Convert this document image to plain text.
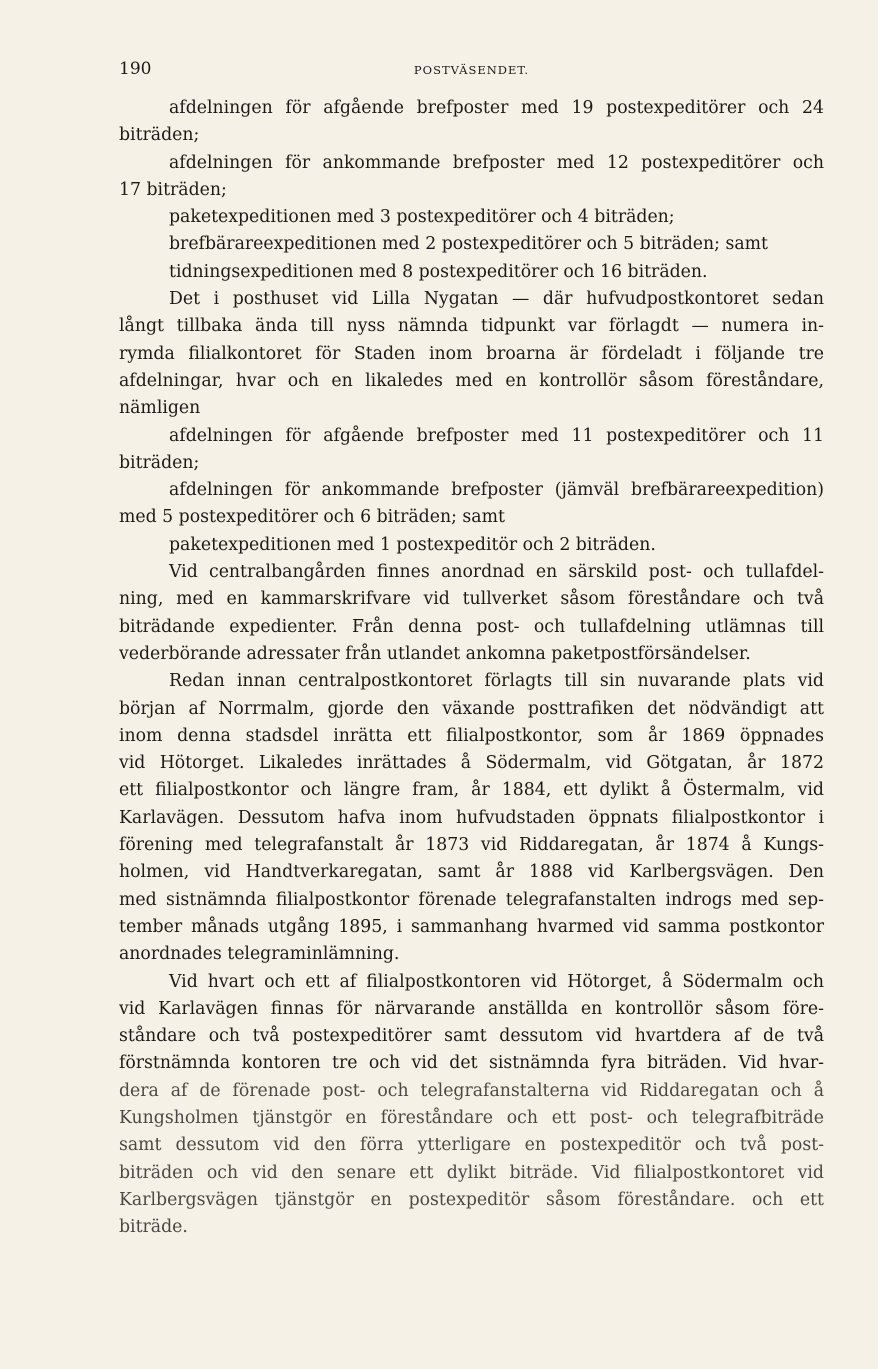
190	POSTVÄSENDET.
afdelningen för afgående brefposter med 19 postexpeditörer och 24
biträden;
afdelningen för ankommande brefposter med 12 postexpeditörer och
17 biträden;
paketexpeditionen med 3 postexpeditörer och 4 biträden;
brefbärareexpeditionen med 2 postexpeditörer och 5 biträden; samt
tidningsexpeditionen med 8 postexpeditörer och 16 biträden.
Det i posthuset vid Lilla Nygatan — där hufvudpostkontoret sedan
långt tillbaka ända till nyss nämnda tidpunkt var förlagdt — numera in-
rymda filialkontoret för Staden inom broarna är fördeladt i följande tre
afdelningar, hvar och en likaledes med en kontrollör såsom föreståndare,
nämligen
afdelningen för afgående brefposter med 11 postexpeditörer och 11
biträden;
afdelningen för ankommande brefposter (jämväl brefbärareexpedition)
med 5 postexpeditörer och 6 biträden; samt
paketexpeditionen med 1 postexpeditör och 2 biträden.
Vid centralbangården finnes anordnad en särskild post- och tullafdel-
ning, med en kammarskrifvare vid tullverket såsom föreståndare och två
biträdande expedienter. Från denna post- och tullafdelning utlämnas till
vederbörande adressater från utlandet ankomna paketpostförsändelser.
Redan innan centralpostkontoret förlagts till sin nuvarande plats vid
början af Norrmalm, gjorde den växande posttrafiken det nödvändigt att
inom denna stadsdel inrätta ett filialpostkontor, som år 1869 öppnades
vid Hötorget. Likaledes inrättades å Södermalm, vid Götgatan, år 1872
ett filialpostkontor och längre fram, år 1884, ett dylikt å Östermalm, vid
Karlavägen. Dessutom hafva inom hufvudstaden öppnats filialpostkontor i
förening med telegrafanstalt år 1873 vid Riddaregatan, år 1874 å Kungs-
holmen, vid Handtverkaregatan, samt år 1888 vid Karlbergsvägen. Den
med sistnämnda filialpostkontor förenade telegrafanstalten indrogs med sep-
tember månads utgång 1895, i sammanhang hvarmed vid samma postkontor
anordnades telegraminlämning.
Vid hvart och ett af filialpostkontoren vid Hötorget, å Södermalm och
vid Karlavägen finnas för närvarande anställda en kontrollör såsom före-
ståndare och två postexpeditörer samt dessutom vid hvartdera af de två
förstnämnda kontoren tre och vid det sistnämnda fyra biträden. Vid hvar-
dera af de förenade post- och telegrafanstalterna vid Riddaregatan och å
Kungsholmen tjänstgör en föreståndare och ett post- och telegrafbiträde
samt dessutom vid den förra ytterligare en postexpeditör och två post-
biträden och vid den senare ett dylikt biträde. Vid filialpostkontoret vid
Karlbergsvägen tjänstgör en postexpeditör såsom föreståndare. och ett
biträde.
